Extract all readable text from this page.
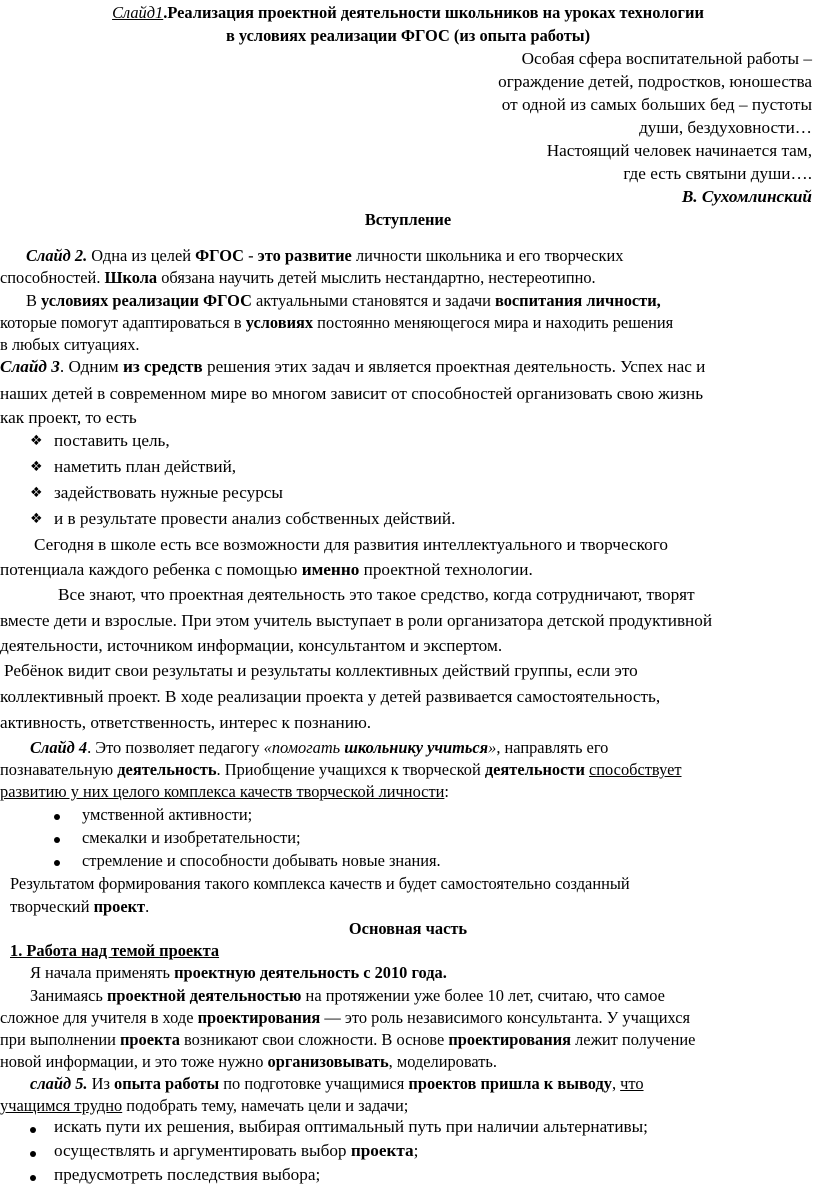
Слайд1.Реализация проектной деятельности школьников на уроках технологии
в условиях реализации ФГОС (из опыта работы)
Особая сфера воспитательной работы –
ограждение детей, подростков, юношества
от одной из самых больших бед – пустоты
души, бездуховности…
Настоящий человек начинается там,
где есть святыни души….
В. Сухомлинский
Вступление
Слайд 2. Одна из целей ФГОС - это развитие личности школьника и его творческих
способностей. Школа обязана научить детей мыслить нестандартно, нестереотипно.
В условиях реализации ФГОС актуальными становятся и задачи воспитания личности,
которые помогут адаптироваться в условиях постоянно меняющегося мира и находить решения
в любых ситуациях.
Слайд 3. Одним из средств решения этих задач и является проектная деятельность. Успех нас и
наших детей в современном мире во многом зависит от способностей организовать свою жизнь
как проект, то есть
❖ поставить цель,
❖ наметить план действий,
❖ задействовать нужные ресурсы
❖ и в результате провести анализ собственных действий.
Сегодня в школе есть все возможности для развития интеллектуального и творческого
потенциала каждого ребенка с помощью именно проектной технологии.
Все знают, что проектная деятельность это такое средство, когда сотрудничают, творят
вместе дети и взрослые. При этом учитель выступает в роли организатора детской продуктивной
деятельности, источником информации, консультантом и экспертом.
Ребёнок видит свои результаты и результаты коллективных действий группы, если это
коллективный проект. В ходе реализации проекта у детей развивается самостоятельность,
активность, ответственность, интерес к познанию.
Слайд 4. Это позволяет педагогу «помогать школьнику учиться», направлять его
познавательную деятельность. Приобщение учащихся к творческой деятельности способствует
развитию у них целого комплекса качеств творческой личности:
умственной активности;
смекалки и изобретательности;
стремление и способности добывать новые знания.
Результатом формирования такого комплекса качеств и будет самостоятельно созданный
творческий проект.
Основная часть
1. Работа над темой проекта
Я начала применять проектную деятельность с 2010 года.
Занимаясь проектной деятельностью на протяжении уже более 10 лет, считаю, что самое
сложное для учителя в ходе проектирования — это роль независимого консультанта. У учащихся
при выполнении проекта возникают свои сложности. В основе проектирования лежит получение
новой информации, и это тоже нужно организовывать, моделировать.
слайд 5. Из опыта работы по подготовке учащимися проектов пришла к выводу, что
учащимся трудно подобрать тему, намечать цели и задачи;
искать пути их решения, выбирая оптимальный путь при наличии альтернативы;
осуществлять и аргументировать выбор проекта;
предусмотреть последствия выбора;
